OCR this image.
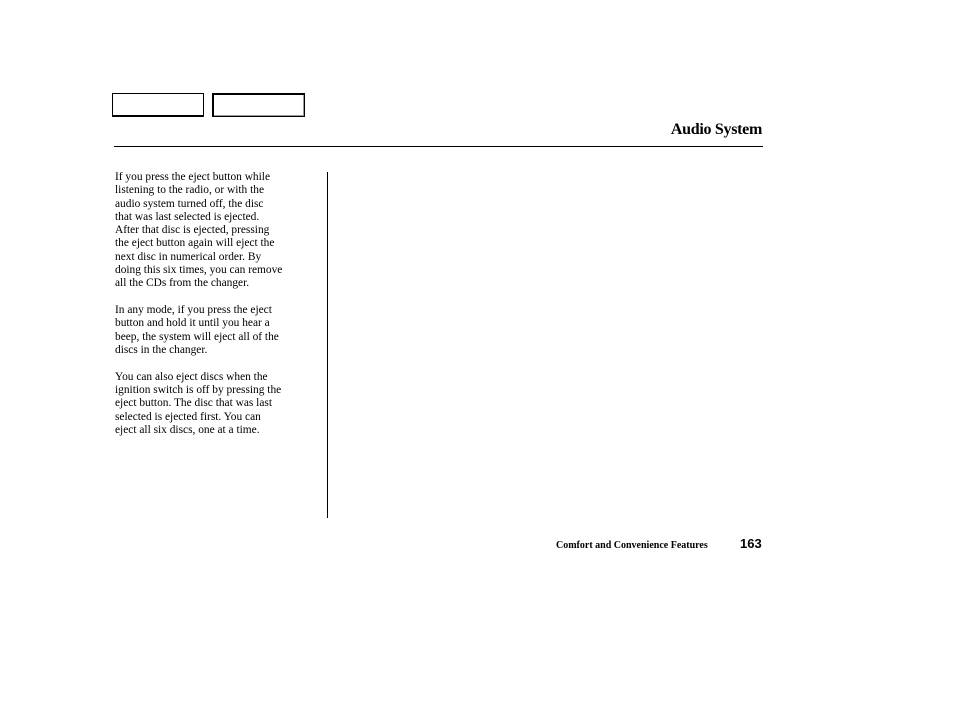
Audio System

If you press the eject button while
listening to the radio, or with the
audio system turned off, the disc
that was last selected is ejected.
After that disc is ejected, pressing
the eject button again will eject the
next disc in numerical order. By
doing this six times, you can remove
all the CDs from the changer.

In any mode, if you press the eject
button and hold it until you hear a
beep, the system will eject all of the
discs in the changer.

You can also eject discs when the
ignition switch is off by pressing the
eject button. The disc that was last
selected is ejected first. You can
eject all six discs, one at a time.

Comfort and Convenience Features 163
